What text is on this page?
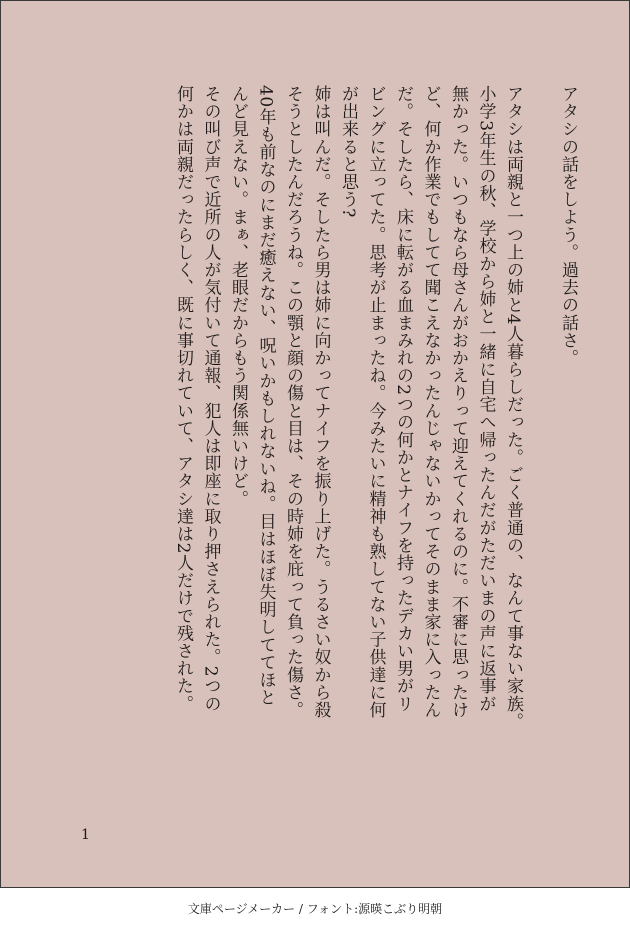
アタシの話をしよう。過去の話さ。
アタシは両親と一つ上の姉と4人暮らしだった。ごく普通の、なんて事ない家族。
小学3年生の秋、学校から姉と一緒に自宅へ帰ったんだがただいまの声に返事が
無かった。いつもなら母さんがおかえりって迎えてくれるのに。不審に思ったけ
ど、何か作業でもしてて聞こえなかったんじゃないかってそのまま家に入ったん
だ。そしたら、床に転がる血まみれの2つの何かとナイフを持ったデカい男がリ
ビングに立ってた。思考が止まったね。今みたいに精神も熟してない子供達に何
が出来ると思う?
姉は叫んだ。そしたら男は姉に向かってナイフを振り上げた。うるさい奴から殺
そうとしたんだろうね。この顎と顔の傷と目は、その時姉を庇って負った傷さ。
40年も前なのにまだ癒えない、呪いかもしれないね。目はほぼ失明しててほと
んど見えない。まぁ、老眼だからもう関係無いけど。
その叫び声で近所の人が気付いて通報、犯人は即座に取り押さえられた。2つの
何かは両親だったらしく、既に事切れていて、アタシ達は2人だけで残された。
1
文庫ページメーカー / フォント:源暎こぶり明朝
